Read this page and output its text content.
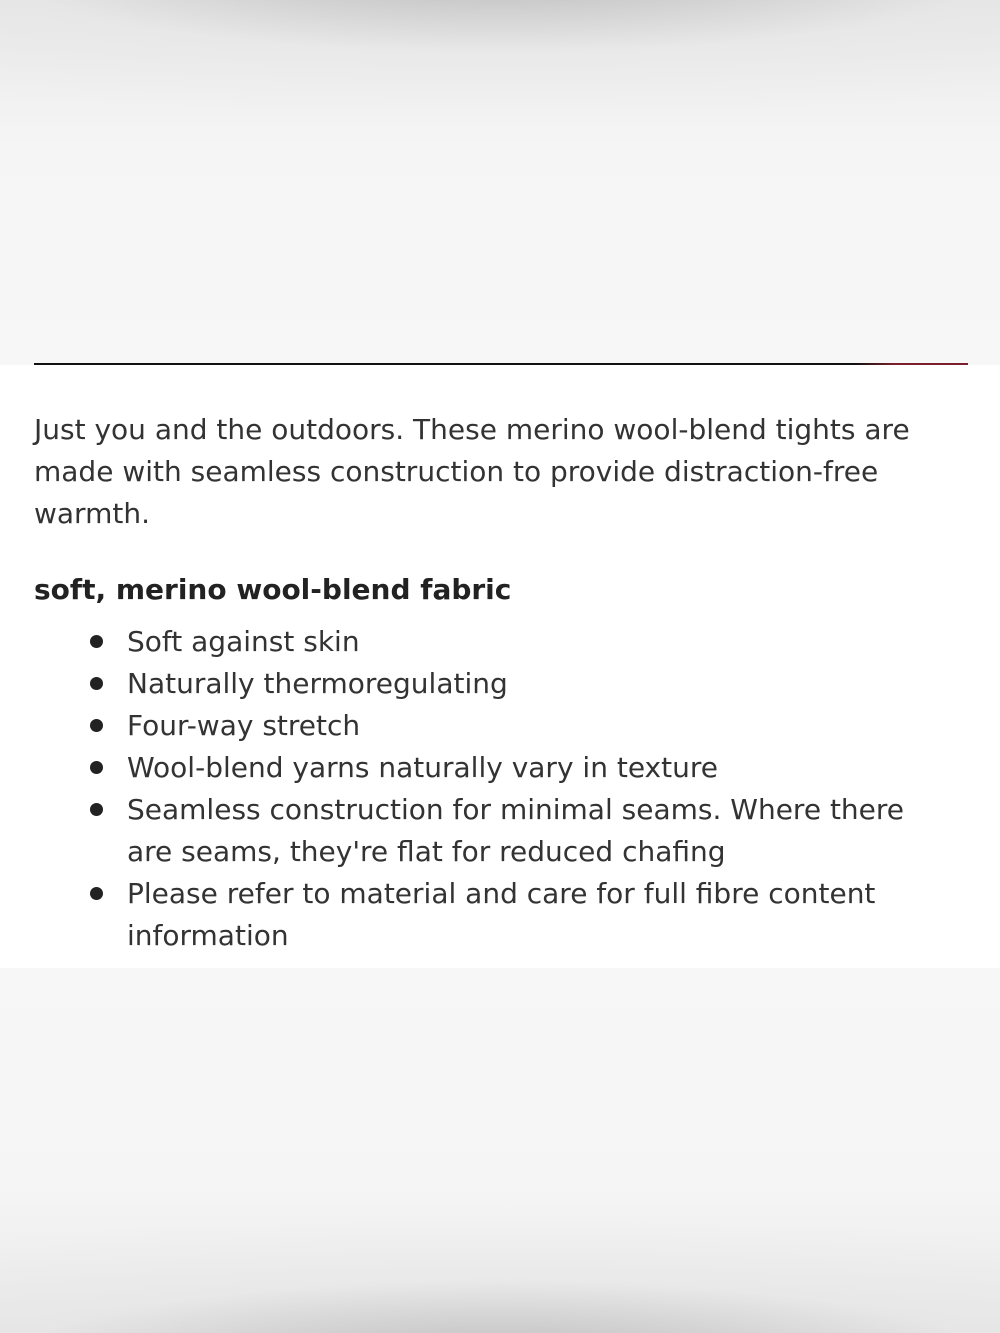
Just you and the outdoors. These merino wool-blend tights are made with seamless construction to provide distraction-free warmth.

soft, merino wool-blend fabric
Soft against skin
Naturally thermoregulating
Four-way stretch
Wool-blend yarns naturally vary in texture
Seamless construction for minimal seams. Where there are seams, they're flat for reduced chafing
Please refer to material and care for full fibre content information
